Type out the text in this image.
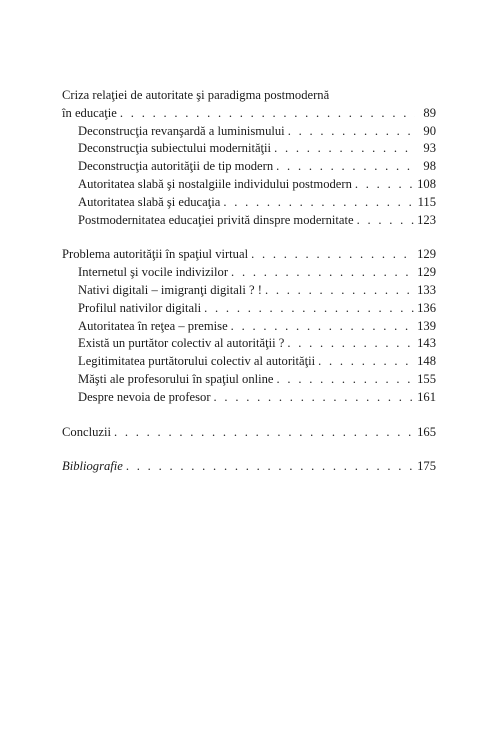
Criza relaţiei de autoritate şi paradigma postmodernă
în educaţie . . .	89
Deconstrucţia revanşardă a luminismului . . .	90
Deconstrucţia subiectului modernităţii . . .	93
Deconstrucţia autorităţii de tip modern . . .	98
Autoritatea slabă şi nostalgiile individului postmodern . . .	108
Autoritatea slabă şi educaţia . . .	115
Postmodernitatea educaţiei privită dinspre modernitate . . .	123
Problema autorităţii în spaţiul virtual . . .	129
Internetul şi vocile indivizilor . . .	129
Nativi digitali – imigranţi digitali ? ! . . .	133
Profilul nativilor digitali . . .	136
Autoritatea în reţea – premise . . .	139
Există un purtător colectiv al autorităţii ? . . .	143
Legitimitatea purtătorului colectiv al autorităţii . . .	148
Măşti ale profesorului în spaţiul online . . .	155
Despre nevoia de profesor . . .	161
Concluzii . . .	165
Bibliografie . . .	175
